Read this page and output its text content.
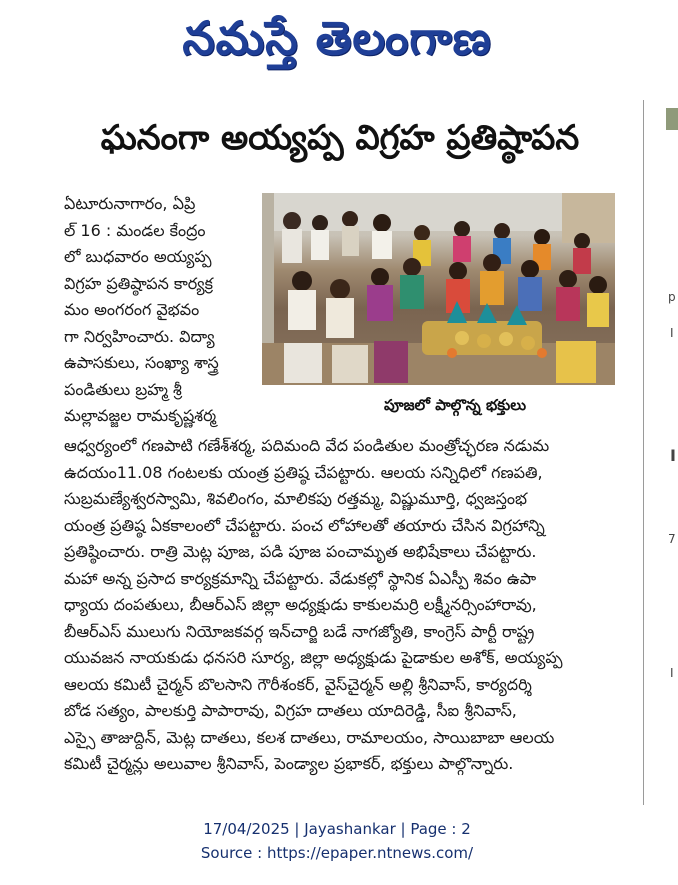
నమస్తే తెలంగాణ
p
I
I
7
I
ఘనంగా అయ్యప్ప విగ్రహ ప్రతిష్ఠాపన
ఏటూరునాగారం, ఏప్రి
ల్ 16 : మండల కేంద్రం
లో బుధవారం అయ్యప్ప
విగ్రహ ప్రతిష్ఠాపన కార్యక్ర
మం అంగరంగ వైభవం
గా నిర్వహించారు. విద్యా
ఉపాసకులు, సంఖ్యా శాస్త్ర
పండితులు బ్రహ్మ శ్రీ
మల్లావజ్జల రామకృష్ణశర్మ
పూజలో పాల్గొన్న భక్తులు
ఆధ్వర్యంలో గణపాటి గణేశ్‌శర్మ, పదిమంది వేద పండితుల మంత్రోచ్ఛరణ నడుమ
ఉదయం11.08 గంటలకు యంత్ర ప్రతిష్ఠ చేపట్టారు. ఆలయ సన్నిధిలో గణపతి,
సుబ్రమణ్యేశ్వరస్వామి, శివలింగం, మాలికపు రత్తమ్మ, విష్ణుమూర్తి, ధ్వజస్తంభ
యంత్ర ప్రతిష్ఠ ఏకకాలంలో చేపట్టారు. పంచ లోహాలతో తయారు చేసిన విగ్రహాన్ని
ప్రతిష్ఠించారు. రాత్రి మెట్ల పూజ, పడి పూజ పంచామృత అభిషేకాలు చేపట్టారు.
మహా అన్న ప్రసాద కార్యక్రమాన్ని చేపట్టారు. వేడుకల్లో స్థానిక ఏఎస్పీ శివం ఉపా
ధ్యాయ దంపతులు, బీఆర్‌ఎస్ జిల్లా అధ్యక్షుడు కాకులమర్రి లక్ష్మీనర్సింహారావు,
బీఆర్‌ఎస్ ములుగు నియోజకవర్గ ఇన్‌చార్జి బడే నాగజ్యోతి, కాంగ్రెస్ పార్టీ రాష్ట్ర
యువజన నాయకుడు ధనసరి సూర్య, జిల్లా అధ్యక్షుడు పైడాకుల అశోక్, అయ్యప్ప
ఆలయ కమిటీ చైర్మన్ బొలసాని గౌరీశంకర్, వైస్‌చైర్మన్ అల్లి శ్రీనివాస్, కార్యదర్శి
బోడ సత్యం, పాలకుర్తి పాపారావు, విగ్రహ దాతలు యాదిరెడ్డి, సీఐ శ్రీనివాస్,
ఎస్సై తాజుద్దిన్, మెట్ల దాతలు, కలశ దాతలు, రామాలయం, సాయిబాబా ఆలయ
కమిటీ చైర్మన్లు అలువాల శ్రీనివాస్, పెండ్యాల ప్రభాకర్, భక్తులు పాల్గొన్నారు.
17/04/2025 | Jayashankar | Page : 2
Source : https://epaper.ntnews.com/
